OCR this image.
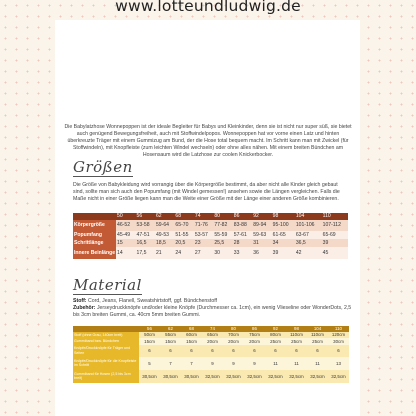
www.lotteundludwig.de

Die Babylatzhose Wonnepoppen ist der ideale Begleiter für Babys und Kleinkinder, denn sie ist nicht nur super süß, sie bietet auch genügend Bewegungsfreiheit, auch mit Stoffwindelpopos. Wonnepoppen hat vor vorne einen Latz und hinten überkreuzte Träger mit einem Gummizug am Bund, der die Hose total bequem macht. Im Schritt kann man mit Zwickel (für Stoffwindeln), mit Knopfleiste (zum leichten Windel wechseln) oder ohne alles nähen. Mit einem breiten Bündchen am Hosensaum wird die Latzhose zur coolen Knickerbocker.

Größen

Die Größe von Babykleidung wird vorrangig über die Körpergröße bestimmt, da aber nicht alle Kinder gleich gebaut sind, sollte man sich auch den Popumfang (mit Windel gemessen!) ansehen sowie die Längen vergleichen. Falls die Maße nicht in einer Größe liegen kann man die Weite einer Größe mit der Länge einer anderen Größe kombinieren.

	50	56	62	68	74	80	86	92	98	104	110
Körpergröße	46-52	53-58	59-64	65-70	71-76	77-82	83-88	89-94	95-100	101-106	107-112
Popumfang	45-49	47-51	49-53	51-55	53-57	55-59	57-61	59-63	61-65	63-67	65-69
Schrittlänge	15	16,5	18,5	20,5	23	25,5	28	31	34	36,5	39
Innere Beinlänge	14	17,5	21	24	27	30	33	36	39	42	45
Material
Stoff: Cord, Jeans, Flanell, Sweatshirtstoff, ggf. Bündchenstoff
Zubehör: Jerseydruckknöpfe und/oder kleine Knöpfe (Durchmesser ca. 1cm), ein wenig Vlieseline oder WonderDots, 2,5 bis 3cm breiten Gummi, ca. 40cm 5mm breiten Gummi.
	56	62	68	74	80	86	92	98	104	110
Stoff (ohne Grau, 140cm breit)	50cm	55cm	60cm	65cm	70cm	75cm	80cm	110cm	110cm	120cm
Gummiband bzw. Bündchen	15cm	15cm	15cm	20cm	20cm	20cm	25cm	25cm	25cm	30cm
Knöpfe/Druckknöpfe für Träger und Seiten	6	6	6	6	6	6	6	6	6	6
Knöpfe/Druckknöpfe für die Knopfleiste im Schritt	5	7	7	9	9	9	11	11	11	13
Gummiband für Hosen (2,5 bis 3cm breit)	30,5cm	30,5cm	30,5cm	32,5cm	32,5cm	32,5cm	32,5cm	32,5cm	32,5cm	32,5cm
